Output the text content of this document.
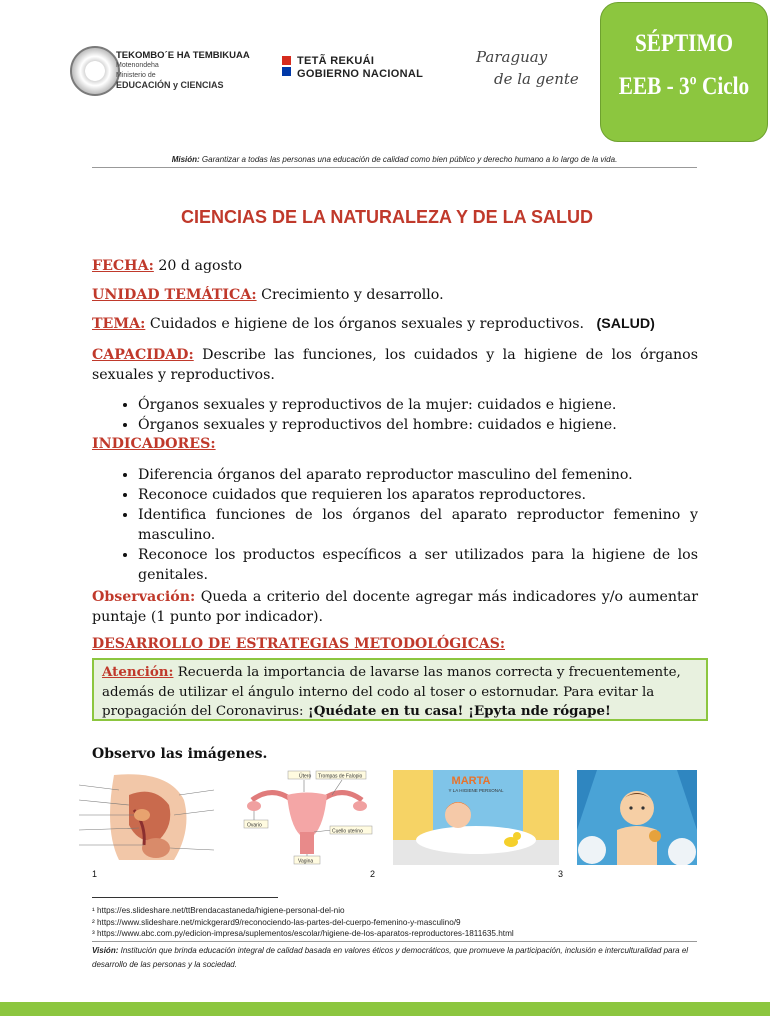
TEKOMBO´E HA TEMBIKUAA
Motenondeha
Ministerio de
EDUCACIÓN y CIENCIAS
TETÃ REKUÁI
GOBIERNO NACIONAL
Paraguay
de la gente
SÉPTIMO
EEB - 3º Ciclo
Misión: Garantizar a todas las personas una educación de calidad como bien público y derecho humano a lo largo de la vida.
CIENCIAS DE LA NATURALEZA Y DE LA SALUD
FECHA: 20 d agosto
UNIDAD TEMÁTICA: Crecimiento y desarrollo.
TEMA: Cuidados e higiene de los órganos sexuales y reproductivos. (SALUD)
CAPACIDAD: Describe las funciones, los cuidados y la higiene de los órganos sexuales y reproductivos.
• Órganos sexuales y reproductivos de la mujer: cuidados e higiene.
• Órganos sexuales y reproductivos del hombre: cuidados e higiene.
INDICADORES:
• Diferencia órganos del aparato reproductor masculino del femenino.
• Reconoce cuidados que requieren los aparatos reproductores.
• Identifica funciones de los órganos del aparato reproductor femenino y masculino.
• Reconoce los productos específicos a ser utilizados para la higiene de los genitales.
Observación: Queda a criterio del docente agregar más indicadores y/o aumentar puntaje (1 punto por indicador).
DESARROLLO DE ESTRATEGIAS METODOLÓGICAS:
Atención: Recuerda la importancia de lavarse las manos correcta y frecuentemente, además de utilizar el ángulo interno del codo al toser o estornudar. Para evitar la propagación del Coronavirus: ¡Quédate en tu casa! ¡Epyta nde rógape!
Observo las imágenes.
Útero Trompas de Falopio
Ovario
Cuello uterino
Vagina
MARTA
Y LA HIGIENE PERSONAL
1	2	3
¹ https://es.slideshare.net/ttBrendacastaneda/higiene-personal-del-nio
² https://www.slideshare.net/mickgerard9/reconociendo-las-partes-del-cuerpo-femenino-y-masculino/9
³ https://www.abc.com.py/edicion-impresa/suplementos/escolar/higiene-de-los-aparatos-reproductores-1811635.html
Visión: Institución que brinda educación integral de calidad basada en valores éticos y democráticos, que promueve la participación, inclusión e interculturalidad para el desarrollo de las personas y la sociedad.
